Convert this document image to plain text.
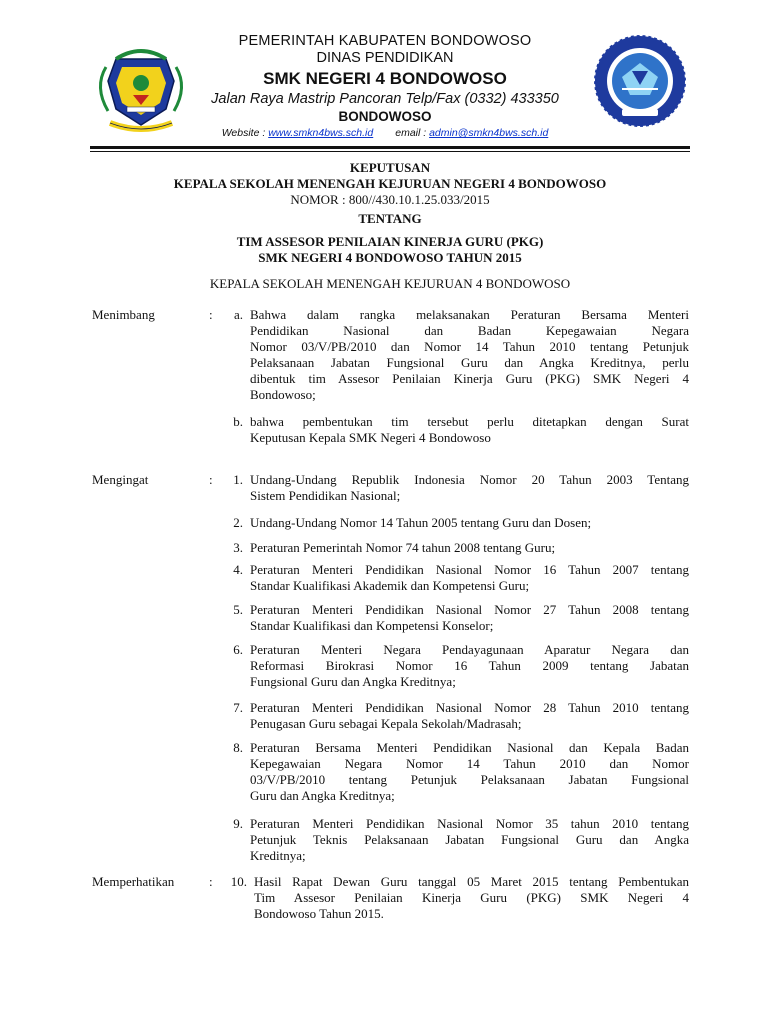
PEMERINTAH KABUPATEN BONDOWOSO
DINAS PENDIDIKAN
SMK NEGERI 4 BONDOWOSO
Jalan Raya Mastrip Pancoran Telp/Fax (0332) 433350
BONDOWOSO
Website : www.smkn4bws.sch.id email : admin@smkn4bws.sch.id
KEPUTUSAN
KEPALA SEKOLAH MENENGAH KEJURUAN NEGERI 4 BONDOWOSO
NOMOR : 800//430.10.1.25.033/2015
TENTANG
TIM ASSESOR PENILAIAN KINERJA GURU (PKG)
SMK NEGERI 4 BONDOWOSO TAHUN 2015
KEPALA SEKOLAH MENENGAH KEJURUAN 4 BONDOWOSO
Menimbang	:	a. Bahwa dalam rangka melaksanakan Peraturan Bersama Menteri
Pendidikan Nasional dan Badan Kepegawaian Negara
Nomor 03/V/PB/2010 dan Nomor 14 Tahun 2010 tentang Petunjuk
Pelaksanaan Jabatan Fungsional Guru dan Angka Kreditnya, perlu
dibentuk tim Assesor Penilaian Kinerja Guru (PKG) SMK Negeri 4
Bondowoso;
b. bahwa pembentukan tim tersebut perlu ditetapkan dengan Surat
Keputusan Kepala SMK Negeri 4 Bondowoso
Mengingat	:	1. Undang-Undang Republik Indonesia Nomor 20 Tahun 2003 Tentang
Sistem Pendidikan Nasional;
2. Undang-Undang Nomor 14 Tahun 2005 tentang Guru dan Dosen;
3. Peraturan Pemerintah Nomor 74 tahun 2008 tentang Guru;
4. Peraturan Menteri Pendidikan Nasional Nomor 16 Tahun 2007 tentang
Standar Kualifikasi Akademik dan Kompetensi Guru;
5. Peraturan Menteri Pendidikan Nasional Nomor 27 Tahun 2008 tentang
Standar Kualifikasi dan Kompetensi Konselor;
6. Peraturan Menteri Negara Pendayagunaan Aparatur Negara dan
Reformasi Birokrasi Nomor 16 Tahun 2009 tentang Jabatan
Fungsional Guru dan Angka Kreditnya;
7. Peraturan Menteri Pendidikan Nasional Nomor 28 Tahun 2010 tentang
Penugasan Guru sebagai Kepala Sekolah/Madrasah;
8. Peraturan Bersama Menteri Pendidikan Nasional dan Kepala Badan
Kepegawaian Negara Nomor 14 Tahun 2010 dan Nomor
03/V/PB/2010 tentang Petunjuk Pelaksanaan Jabatan Fungsional
Guru dan Angka Kreditnya;
9. Peraturan Menteri Pendidikan Nasional Nomor 35 tahun 2010 tentang
Petunjuk Teknis Pelaksanaan Jabatan Fungsional Guru dan Angka
Kreditnya;
Memperhatikan	:	10. Hasil Rapat Dewan Guru tanggal 05 Maret 2015 tentang Pembentukan
Tim Assesor Penilaian Kinerja Guru (PKG) SMK Negeri 4
Bondowoso Tahun 2015.
